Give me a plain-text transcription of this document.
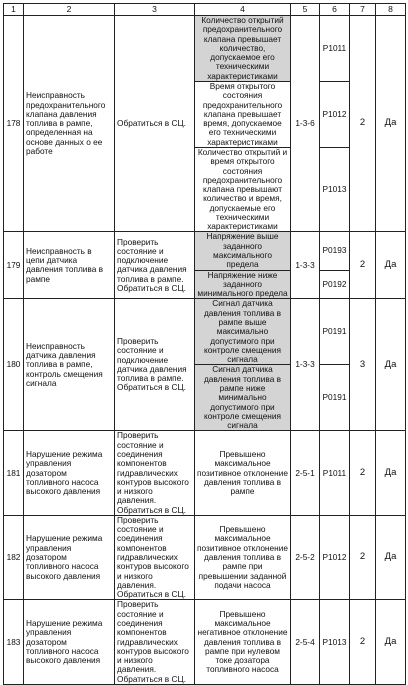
1	2	3	4	5	6	7	8
178	Неисправность предохранительного клапана давления топлива в рампе, определенная на основе данных о ее работе	Обратиться в СЦ.	Количество открытий предохранительного клапана превышает количество, допускаемое его техническими характеристиками	1-3-6	P1011	2	Да
			Время открытого состояния предохранительного клапана превышает время, допускаемое его техническими характеристиками		P1012		
			Количество открытий и время открытого состояния предохранительного клапана превышают количество и время, допускаемые его техническими характеристиками		P1013		
179	Неисправность в цепи датчика давления топлива в рампе	Проверить состояние и подключение датчика давления топлива в рампе. Обратиться в СЦ.	Напряжение выше заданного максимального предела	1-3-3	P0193	2	Да
			Напряжение ниже заданного минимального предела		P0192		
180	Неисправность датчика давления топлива в рампе, контроль смещения сигнала	Проверить состояние и подключение датчика давления топлива в рампе. Обратиться в СЦ.	Сигнал датчика давления топлива в рампе выше максимально допустимого при контроле смещения сигнала	1-3-3	P0191	3	Да
			Сигнал датчика давления топлива в рампе ниже минимально допустимого при контроле смещения сигнала		P0191		
181	Нарушение режима управления дозатором топливного насоса высокого давления	Проверить состояние и соединения компонентов гидравлических контуров высокого и низкого давления. Обратиться в СЦ.	Превышено максимальное позитивное отклонение давления топлива в рампе	2-5-1	P1011	2	Да
182	Нарушение режима управления дозатором топливного насоса высокого давления	Проверить состояние и соединения компонентов гидравлических контуров высокого и низкого давления. Обратиться в СЦ.	Превышено максимальное позитивное отклонение давления топлива в рампе при превышении заданной подачи насоса	2-5-2	P1012	2	Да
183	Нарушение режима управления дозатором топливного насоса высокого давления	Проверить состояние и соединения компонентов гидравлических контуров высокого и низкого давления. Обратиться в СЦ.	Превышено максимальное негативное отклонение давления топлива в рампе при нулевом токе дозатора топливного насоса	2-5-4	P1013	2	Да
